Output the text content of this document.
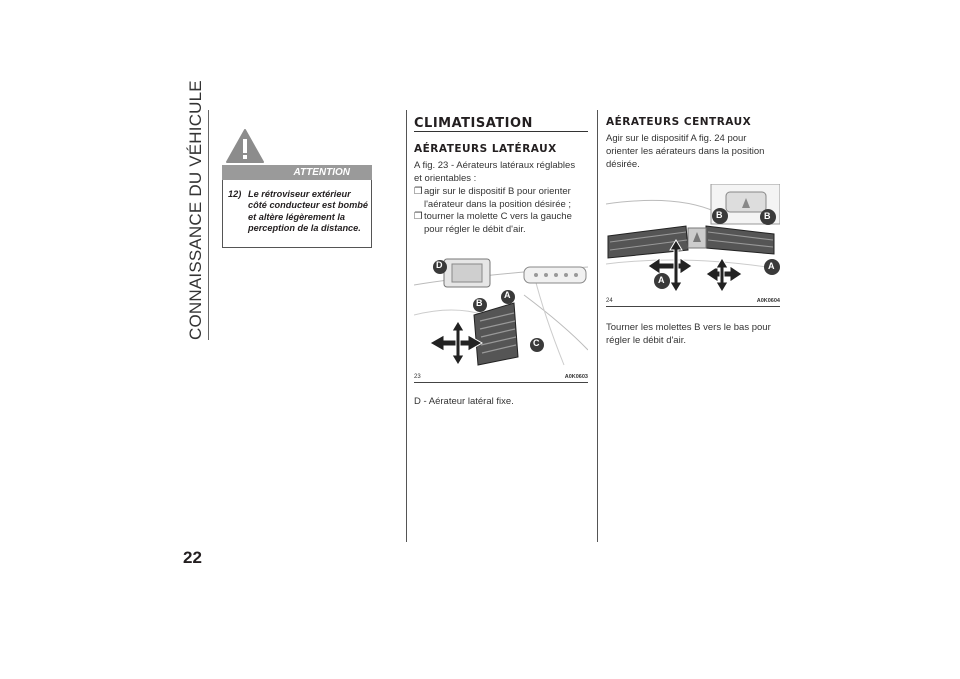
CONNAISSANCE DU VÉHICULE
22
ATTENTION
12) Le rétroviseur extérieur côté conducteur est bombé et altère légèrement la perception de la distance.
CLIMATISATION
AÉRATEURS LATÉRAUX
A fig. 23 - Aérateurs latéraux réglables
et orientables :
❒ agir sur le dispositif B pour orienter
l'aérateur dans la position désirée ;
❒ tourner la molette C vers la gauche
pour régler le débit d'air.
D
A
B
C
23	A0K0603
D - Aérateur latéral fixe.
AÉRATEURS CENTRAUX
Agir sur le dispositif A fig. 24 pour
orienter les aérateurs dans la position
désirée.
B	B
A
A
24	A0K0604
Tourner les molettes B vers le bas pour
régler le débit d'air.
